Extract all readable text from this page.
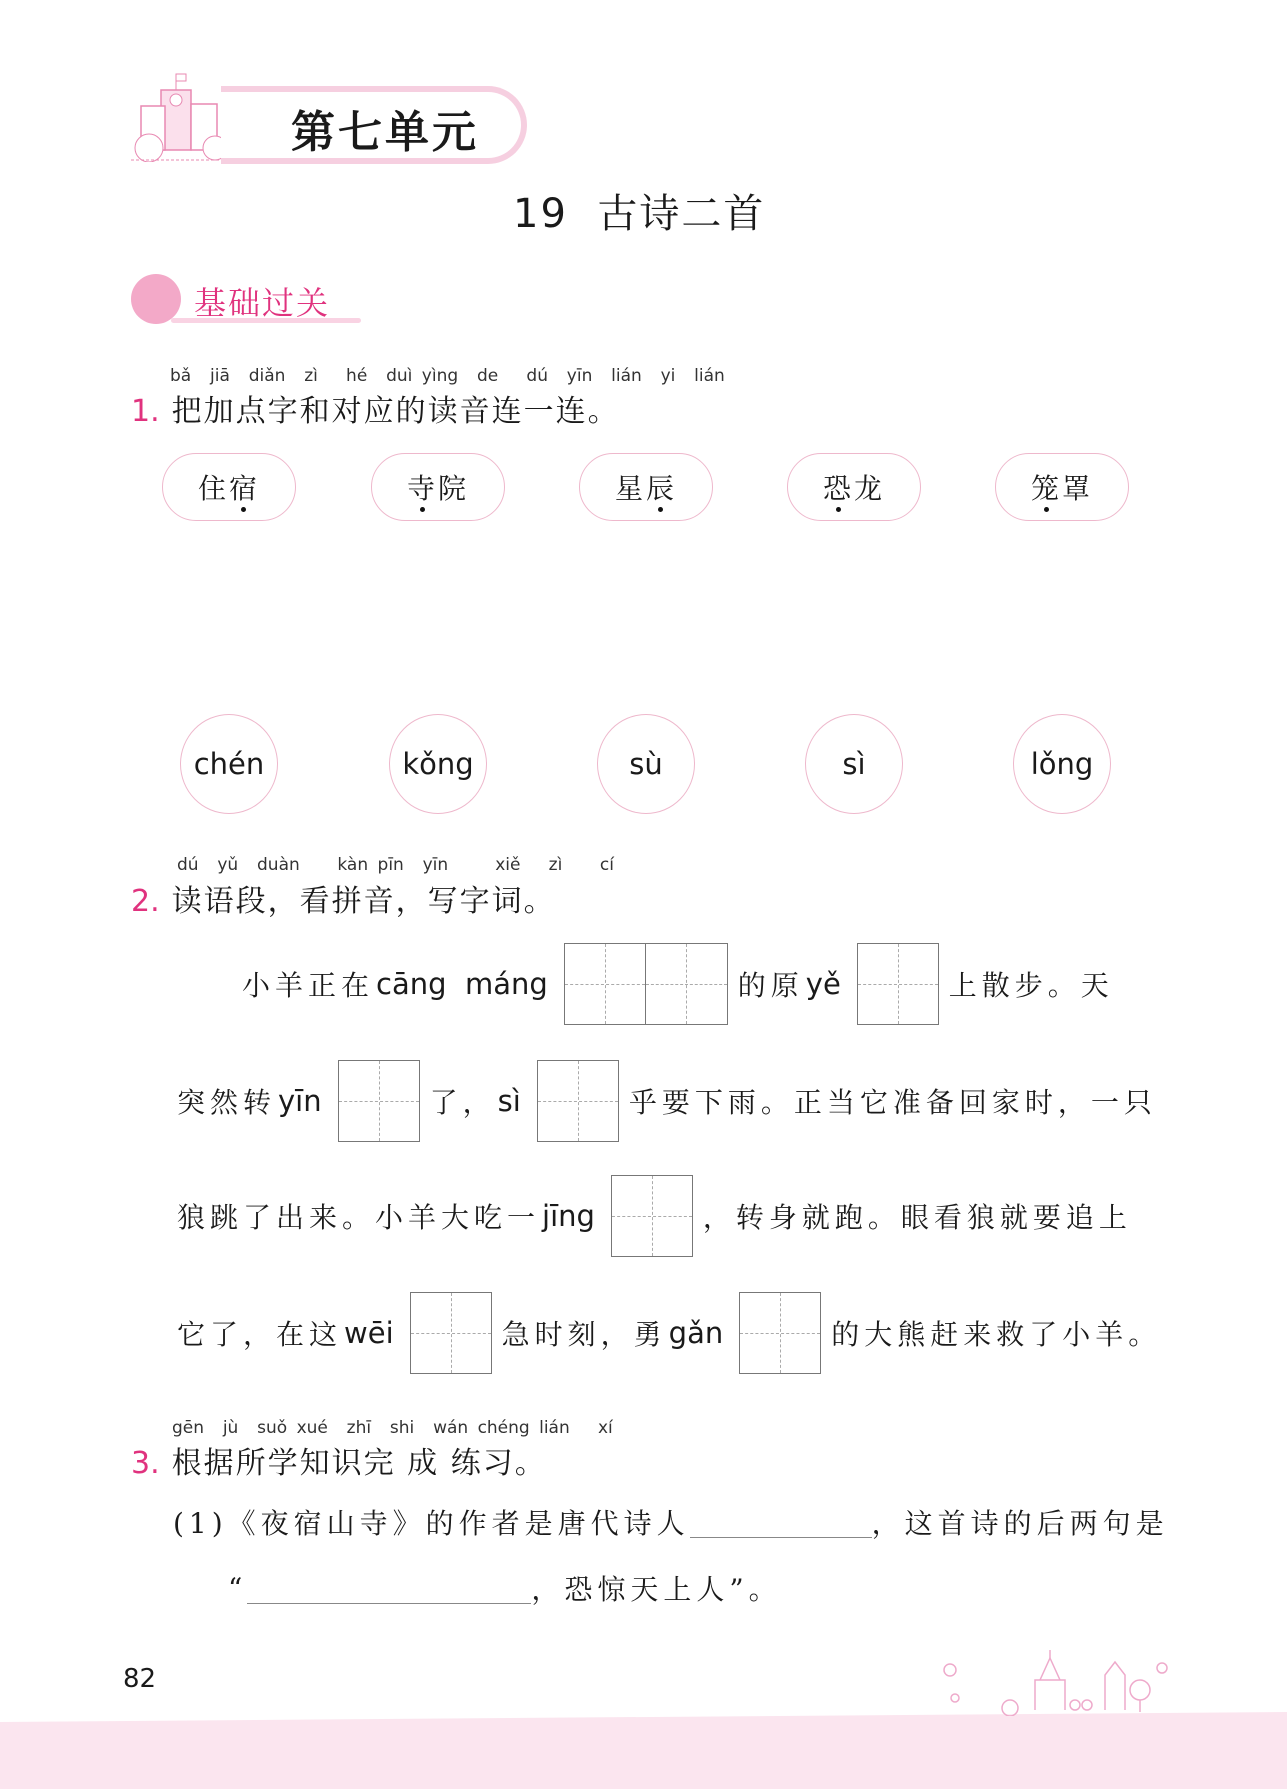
第七单元
19  古诗二首
基础过关
bǎ  jiā  diǎn  zì   hé  duì yìng  de   dú  yīn  lián  yi  lián
1. 把加点字和对应的读音连一连。
住宿	寺院	星辰	恐龙	笼罩
chén	kǒng	sù	sì	lǒng
dú  yǔ  duàn    kàn pīn  yīn     xiě   zì    cí
2. 读语段，看拼音，写字词。
小羊正在 cāng  máng	的原 yě	上散步。天
突然转 yīn	了， sì	乎要下雨。正当它准备回家时，一只
狼跳了出来。小羊大吃一 jīng	，转身就跑。眼看狼就要追上
它了，在这 wēi	急时刻，勇 gǎn	的大熊赶来救了小羊。
gēn  jù  suǒ xué  zhī  shi  wán chéng lián   xí
3. 根据所学知识完 成 练习。
(1)《夜宿山寺》的作者是唐代诗人	，这首诗的后两句是
“	，恐惊天上人”。
82
